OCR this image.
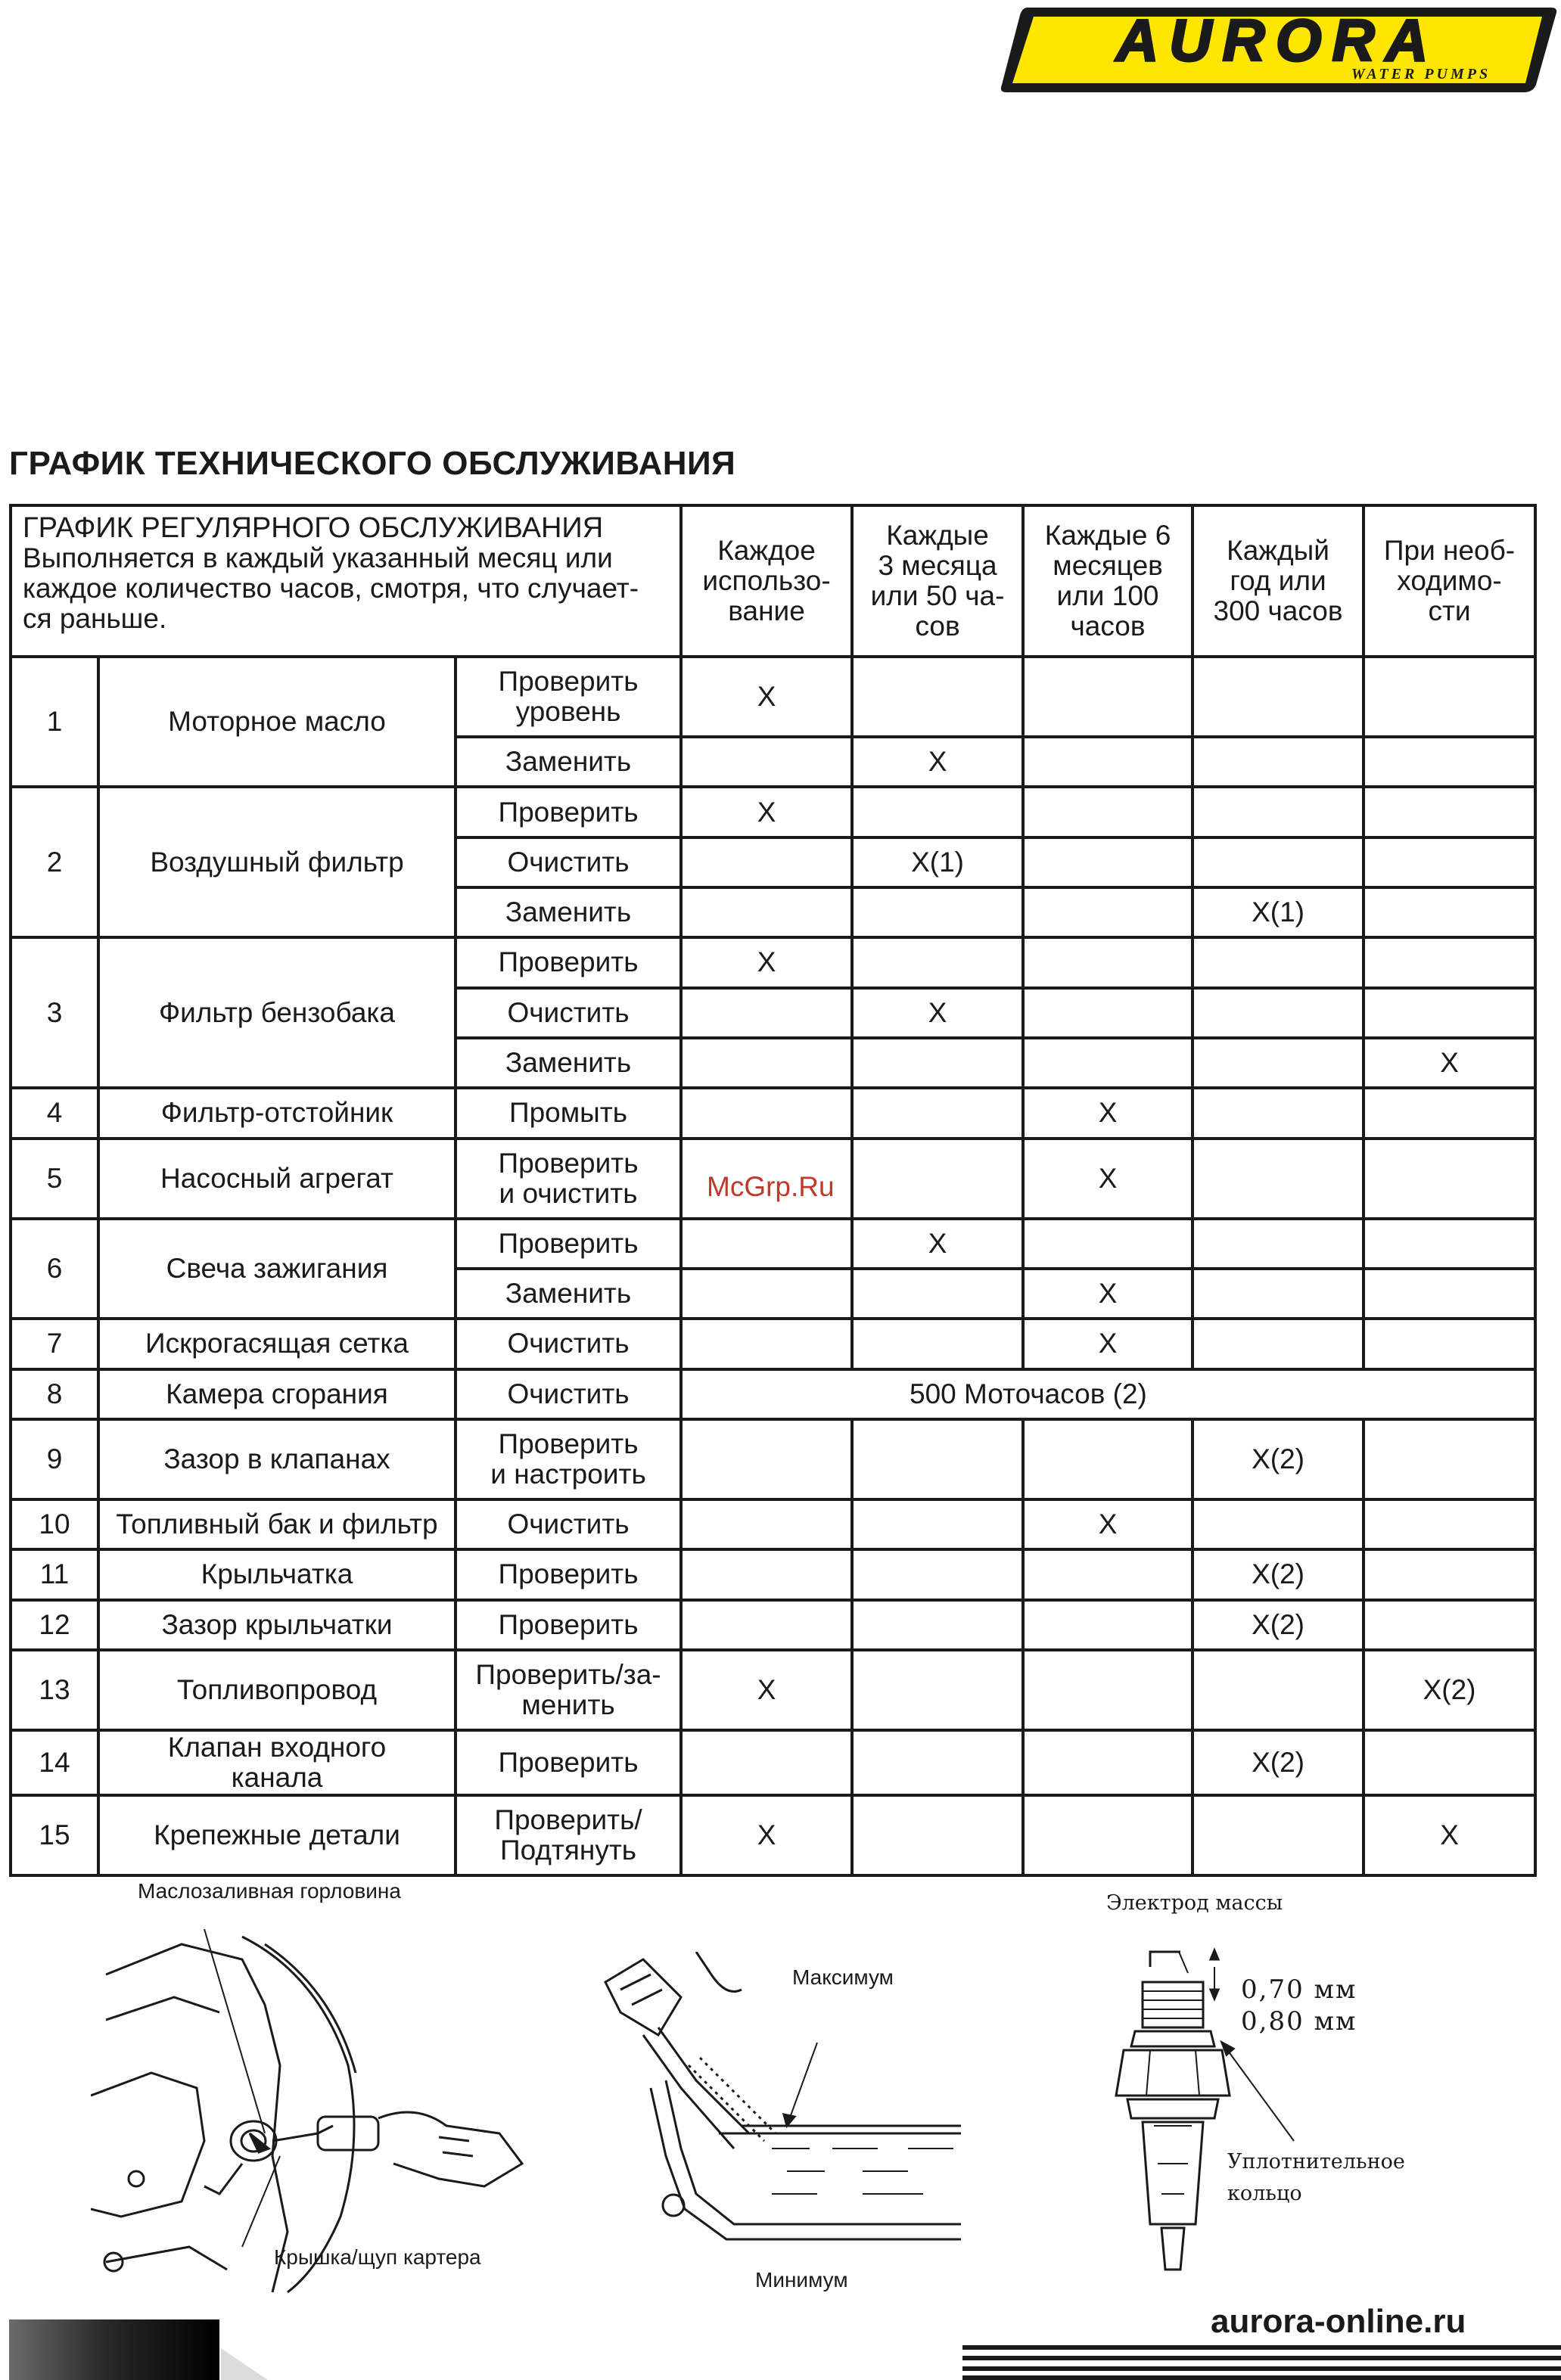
AURORA
WATER PUMPS
ГРАФИК ТЕХНИЧЕСКОГО ОБСЛУЖИВАНИЯ
ГРАФИК РЕГУЛЯРНОГО ОБСЛУЖИВАНИЯ
Выполняется в каждый указанный месяц или
каждое количество часов, смотря, что случает-
ся раньше.			Каждое
использо-
вание	Каждые
3 месяца
или 50 ча-
сов	Каждые 6
месяцев
или 100
часов	Каждый
год или
300 часов	При необ-
ходимо-
сти

1	Моторное масло	Проверить
уровень	X				

		Заменить		X			
2	Воздушный фильтр	Проверить	X				

		Очистить		X(1)			

		Заменить				X(1)	
3	Фильтр бензобака	Проверить	X				

		Очистить		X			

		Заменить					X
4	Фильтр-отстойник	Промыть			X		
5	Насосный агрегат	Проверить
и очистить			X		
6	Свеча зажигания	Проверить		X			

		Заменить			X		
7	Искрогасящая сетка	Очистить			X		
8	Камера сгорания	Очистить	500 Моточасов (2)				
9	Зазор в клапанах	Проверить
и настроить				X(2)	
10	Топливный бак и фильтр	Очистить			X		
11	Крыльчатка	Проверить				X(2)	
12	Зазор крыльчатки	Проверить				X(2)	
13	Топливопровод	Проверить/за-
менить	X				X(2)
14	Клапан входного
канала	Проверить				X(2)	
15	Крепежные детали	Проверить/
Подтянуть	X				X
McGrp.Ru
Маслозаливная горловина
Крышка/щуп картера
Максимум
Минимум
Электрод массы
0,70 мм
0,80 мм
Уплотнительное
кольцо
aurora-online.ru
